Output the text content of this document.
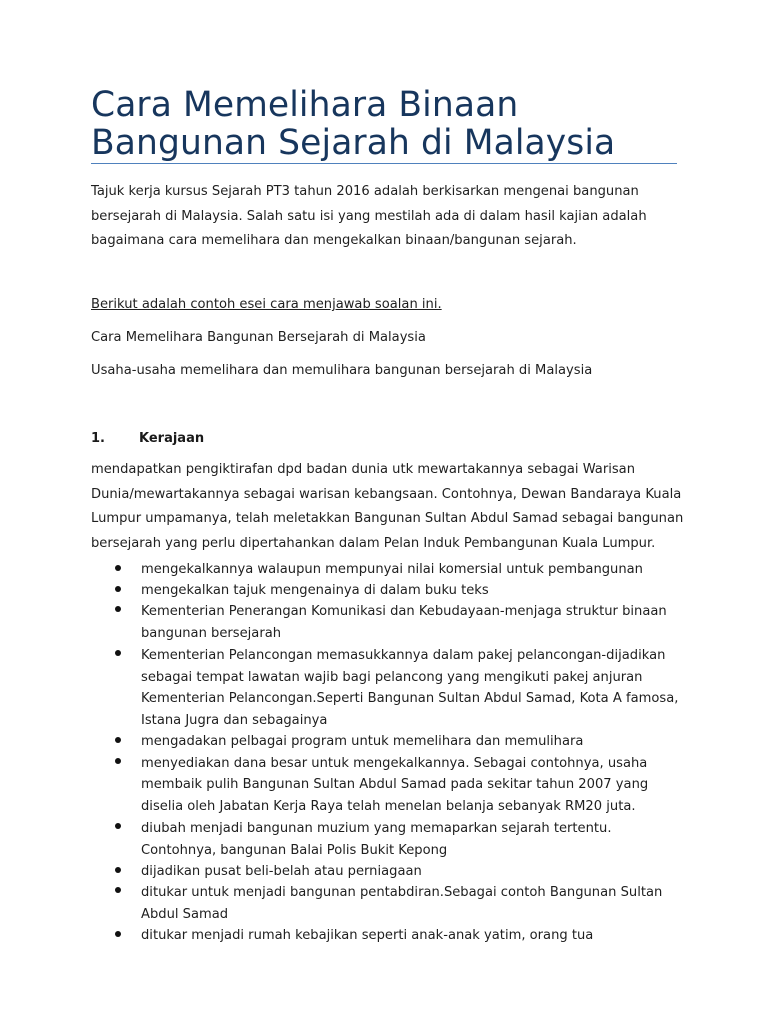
Cara Memelihara Binaan Bangunan Sejarah di Malaysia

Tajuk kerja kursus Sejarah PT3 tahun 2016 adalah berkisarkan mengenai bangunan bersejarah di Malaysia. Salah satu isi yang mestilah ada di dalam hasil kajian adalah bagaimana cara memelihara dan mengekalkan binaan/bangunan sejarah.

Berikut adalah contoh esei cara menjawab soalan ini.

Cara Memelihara Bangunan Bersejarah di Malaysia

Usaha-usaha memelihara dan memulihara bangunan bersejarah di Malaysia

1.	Kerajaan

mendapatkan pengiktirafan dpd badan dunia utk mewartakannya sebagai Warisan Dunia/mewartakannya sebagai warisan kebangsaan. Contohnya, Dewan Bandaraya Kuala Lumpur umpamanya, telah meletakkan Bangunan Sultan Abdul Samad sebagai bangunan bersejarah yang perlu dipertahankan dalam Pelan Induk Pembangunan Kuala Lumpur.

mengekalkannya walaupun mempunyai nilai komersial untuk pembangunan
mengekalkan tajuk mengenainya di dalam buku teks
Kementerian Penerangan Komunikasi dan Kebudayaan-menjaga struktur binaan bangunan bersejarah
Kementerian Pelancongan memasukkannya dalam pakej pelancongan-dijadikan sebagai tempat lawatan wajib bagi pelancong yang mengikuti pakej anjuran Kementerian Pelancongan.Seperti Bangunan Sultan Abdul Samad, Kota A famosa, Istana Jugra dan sebagainya
mengadakan pelbagai program untuk memelihara dan memulihara
menyediakan dana besar untuk mengekalkannya. Sebagai contohnya, usaha membaik pulih Bangunan Sultan Abdul Samad pada sekitar tahun 2007 yang diselia oleh Jabatan Kerja Raya telah menelan belanja sebanyak RM20 juta.
diubah menjadi bangunan muzium yang memaparkan sejarah tertentu. Contohnya, bangunan Balai Polis Bukit Kepong
dijadikan pusat beli-belah atau perniagaan
ditukar untuk menjadi bangunan pentabdiran.Sebagai contoh Bangunan Sultan Abdul Samad
ditukar menjadi rumah kebajikan seperti anak-anak yatim, orang tua
